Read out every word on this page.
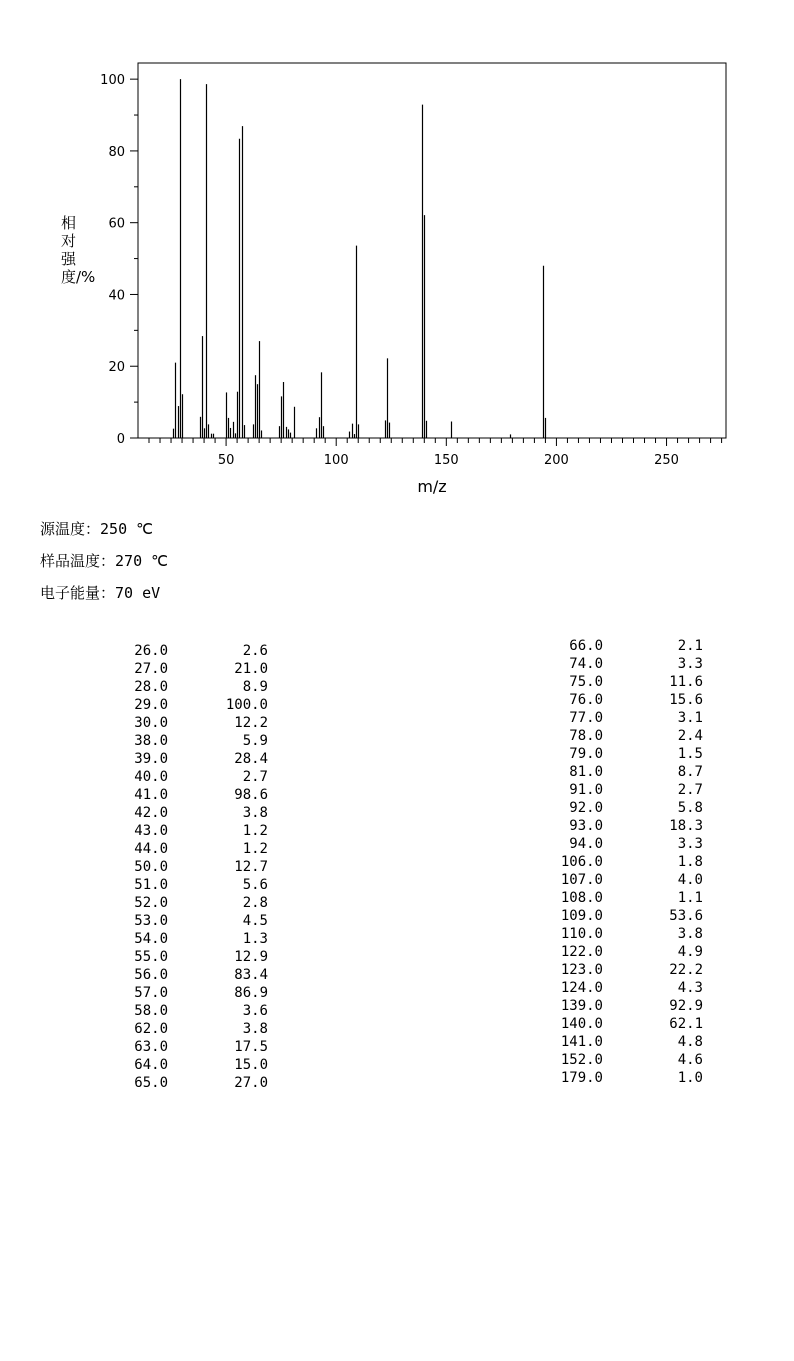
0
20
40
60
80
100
50	100	150	200	250
m/z
相对强度/%
源温度：250 ℃
样品温度：270 ℃
电子能量：70 eV
26.0	2.6
27.0	21.0
28.0	8.9
29.0	100.0
30.0	12.2
38.0	5.9
39.0	28.4
40.0	2.7
41.0	98.6
42.0	3.8
43.0	1.2
44.0	1.2
50.0	12.7
51.0	5.6
52.0	2.8
53.0	4.5
54.0	1.3
55.0	12.9
56.0	83.4
57.0	86.9
58.0	3.6
62.0	3.8
63.0	17.5
64.0	15.0
65.0	27.0
66.0	2.1
74.0	3.3
75.0	11.6
76.0	15.6
77.0	3.1
78.0	2.4
79.0	1.5
81.0	8.7
91.0	2.7
92.0	5.8
93.0	18.3
94.0	3.3
106.0	1.8
107.0	4.0
108.0	1.1
109.0	53.6
110.0	3.8
122.0	4.9
123.0	22.2
124.0	4.3
139.0	92.9
140.0	62.1
141.0	4.8
152.0	4.6
179.0	1.0
